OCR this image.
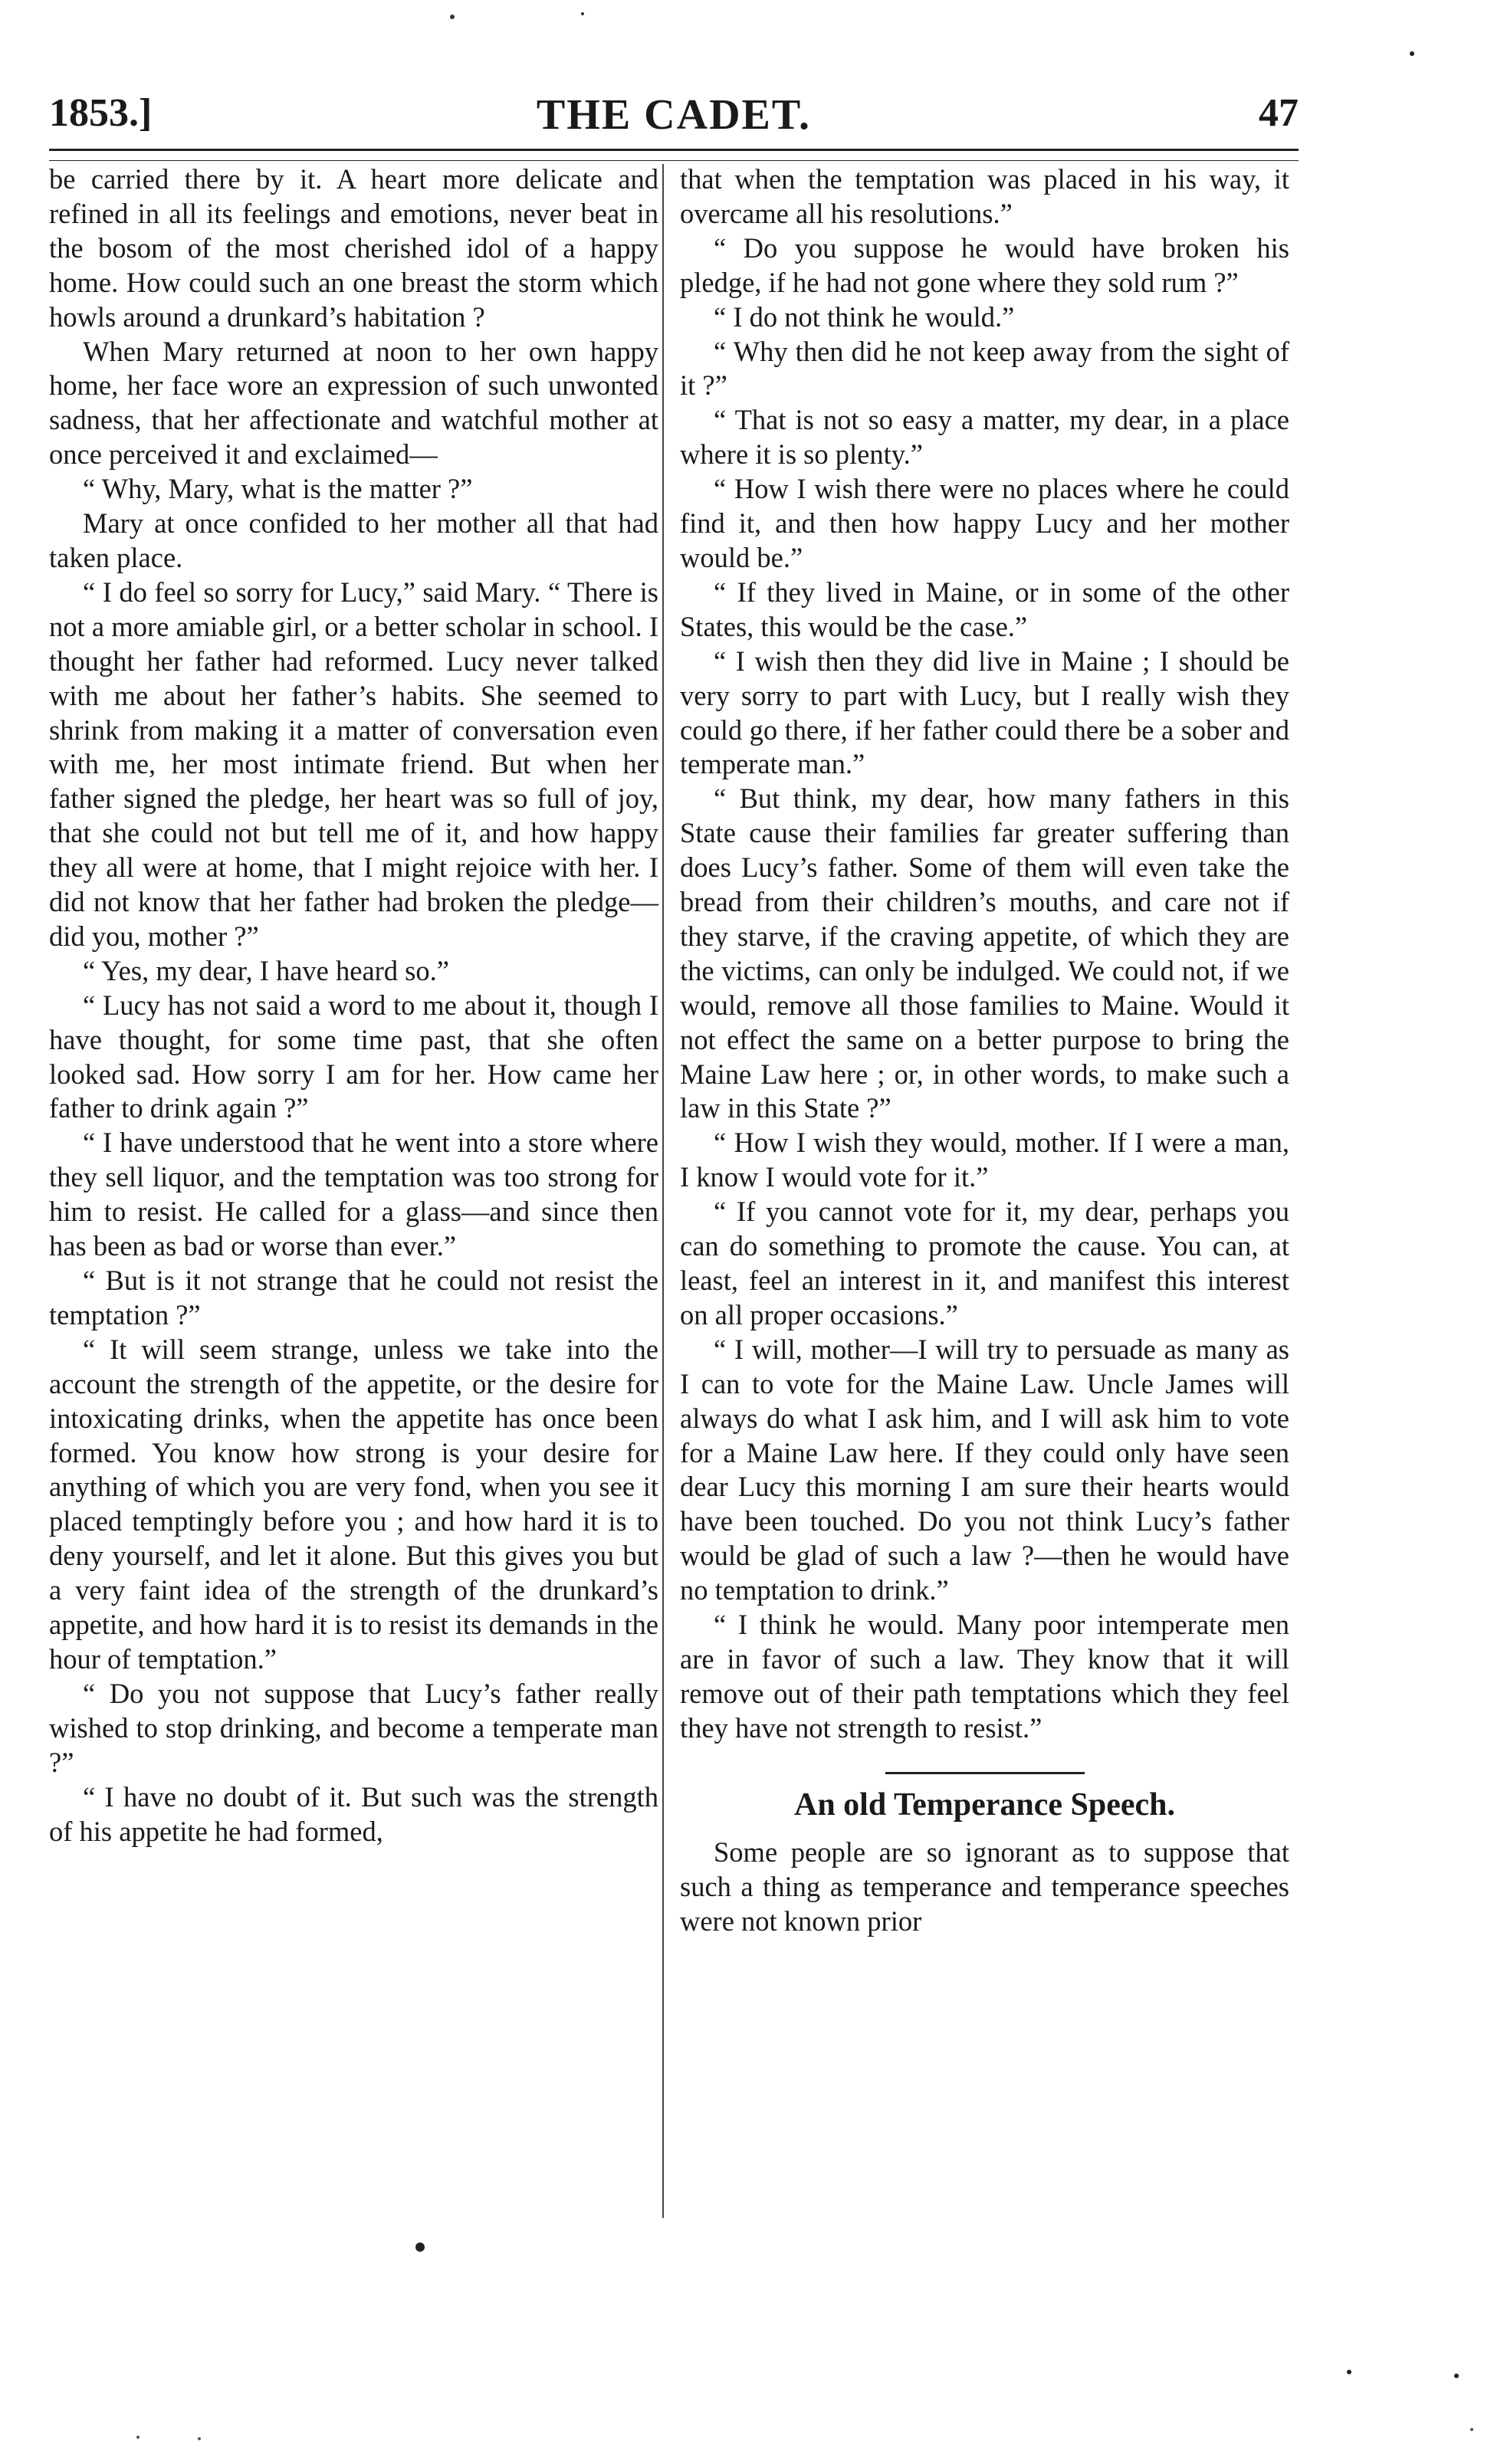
1853.]	THE CADET.	47

be carried there by it. A heart more delicate and refined in all its feelings and emotions, never beat in the bosom of the most cherished idol of a happy home. How could such an one breast the storm which howls around a drunkard’s habitation ?

When Mary returned at noon to her own happy home, her face wore an expression of such unwonted sadness, that her affectionate and watchful mother at once perceived it and exclaimed—

“ Why, Mary, what is the matter ?”

Mary at once confided to her mother all that had taken place.

“ I do feel so sorry for Lucy,” said Mary. “ There is not a more amiable girl, or a better scholar in school. I thought her father had reformed. Lucy never talked with me about her father’s habits. She seemed to shrink from making it a matter of conversation even with me, her most intimate friend. But when her father signed the pledge, her heart was so full of joy, that she could not but tell me of it, and how happy they all were at home, that I might rejoice with her. I did not know that her father had broken the pledge—did you, mother ?”

“ Yes, my dear, I have heard so.”

“ Lucy has not said a word to me about it, though I have thought, for some time past, that she often looked sad. How sorry I am for her. How came her father to drink again ?”

“ I have understood that he went into a store where they sell liquor, and the temptation was too strong for him to resist. He called for a glass—and since then has been as bad or worse than ever.”

“ But is it not strange that he could not resist the temptation ?”

“ It will seem strange, unless we take into the account the strength of the appetite, or the desire for intoxicating drinks, when the appetite has once been formed. You know how strong is your desire for anything of which you are very fond, when you see it placed temptingly before you ; and how hard it is to deny yourself, and let it alone. But this gives you but a very faint idea of the strength of the drunkard’s appetite, and how hard it is to resist its demands in the hour of temptation.”

“ Do you not suppose that Lucy’s father really wished to stop drinking, and become a temperate man ?”

“ I have no doubt of it. But such was the strength of his appetite he had formed,

that when the temptation was placed in his way, it overcame all his resolutions.”

“ Do you suppose he would have broken his pledge, if he had not gone where they sold rum ?”

“ I do not think he would.”

“ Why then did he not keep away from the sight of it ?”

“ That is not so easy a matter, my dear, in a place where it is so plenty.”

“ How I wish there were no places where he could find it, and then how happy Lucy and her mother would be.”

“ If they lived in Maine, or in some of the other States, this would be the case.”

“ I wish then they did live in Maine ; I should be very sorry to part with Lucy, but I really wish they could go there, if her father could there be a sober and temperate man.”

“ But think, my dear, how many fathers in this State cause their families far greater suffering than does Lucy’s father. Some of them will even take the bread from their children’s mouths, and care not if they starve, if the craving appetite, of which they are the victims, can only be indulged. We could not, if we would, remove all those families to Maine. Would it not effect the same on a better purpose to bring the Maine Law here ; or, in other words, to make such a law in this State ?”

“ How I wish they would, mother. If I were a man, I know I would vote for it.”

“ If you cannot vote for it, my dear, perhaps you can do something to promote the cause. You can, at least, feel an interest in it, and manifest this interest on all proper occasions.”

“ I will, mother—I will try to persuade as many as I can to vote for the Maine Law. Uncle James will always do what I ask him, and I will ask him to vote for a Maine Law here. If they could only have seen dear Lucy this morning I am sure their hearts would have been touched. Do you not think Lucy’s father would be glad of such a law ?—then he would have no temptation to drink.”

“ I think he would. Many poor intemperate men are in favor of such a law. They know that it will remove out of their path temptations which they feel they have not strength to resist.”

An old Temperance Speech.

Some people are so ignorant as to suppose that such a thing as temperance and temperance speeches were not known prior
